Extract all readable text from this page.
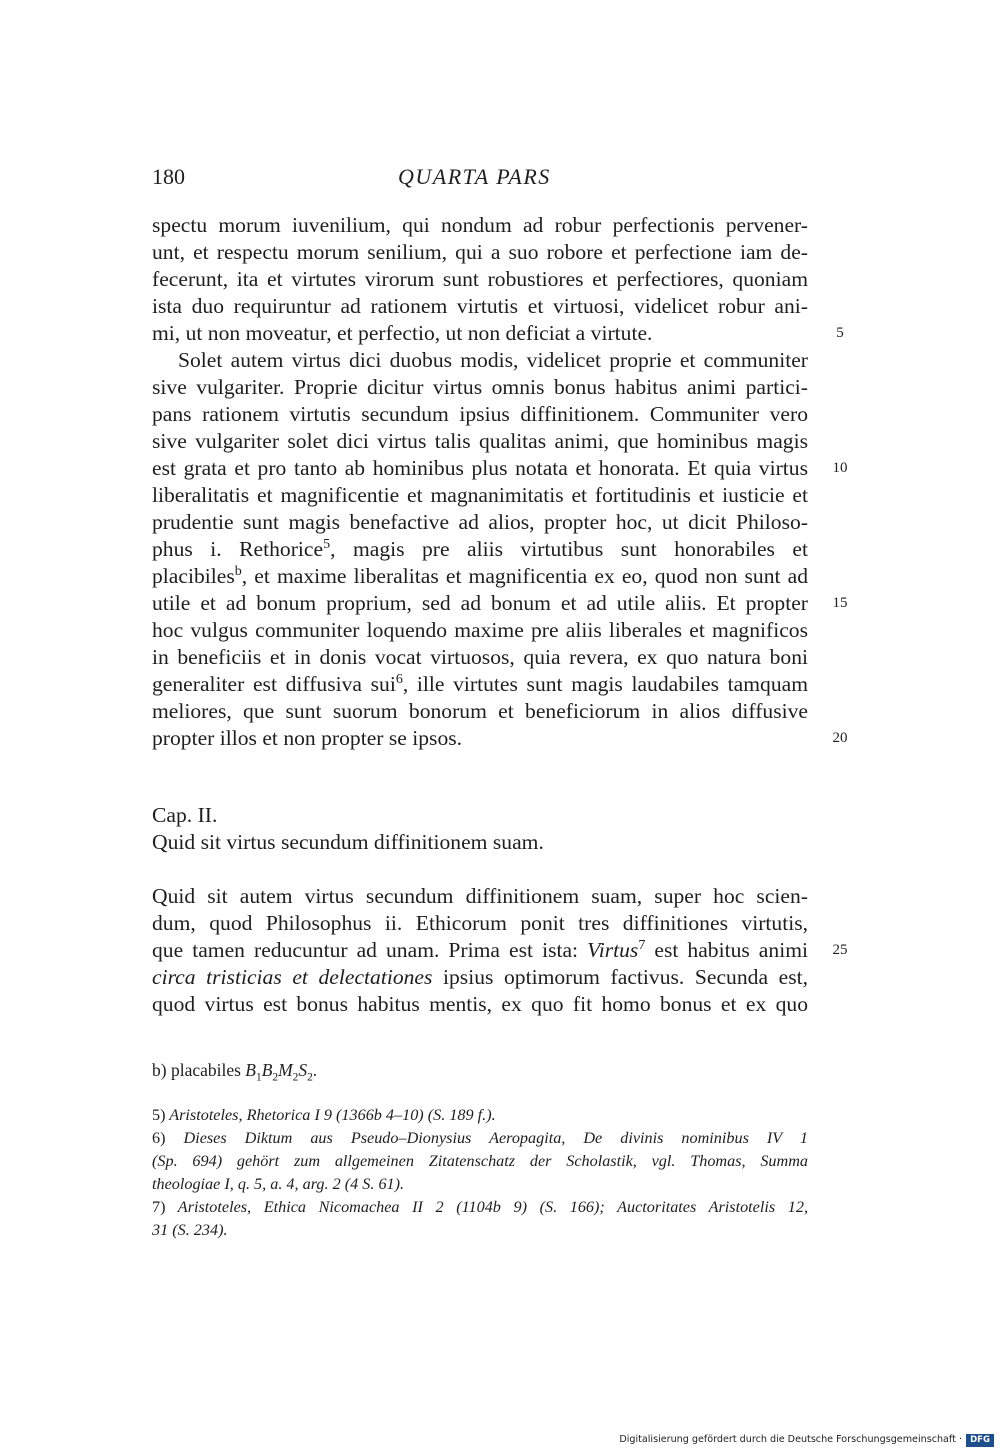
180	QUARTA PARS
spectu morum iuvenilium, qui nondum ad robur perfectionis pervener-
unt, et respectu morum senilium, qui a suo robore et perfectione iam de-
fecerunt, ita et virtutes virorum sunt robustiores et perfectiores, quoniam
ista duo requiruntur ad rationem virtutis et virtuosi, videlicet robur ani-
mi, ut non moveatur, et perfectio, ut non deficiat a virtute.
Solet autem virtus dici duobus modis, videlicet proprie et communiter
sive vulgariter. Proprie dicitur virtus omnis bonus habitus animi partici-
pans rationem virtutis secundum ipsius diffinitionem. Communiter vero
sive vulgariter solet dici virtus talis qualitas animi, que hominibus magis
est grata et pro tanto ab hominibus plus notata et honorata. Et quia virtus
liberalitatis et magnificentie et magnanimitatis et fortitudinis et iusticie et
prudentie sunt magis benefactive ad alios, propter hoc, ut dicit Philoso-
phus i. Rethorice$^5$, magis pre aliis virtutibus sunt honorabiles et
placibiles$^b$, et maxime liberalitas et magnificentia ex eo, quod non sunt ad
utile et ad bonum proprium, sed ad bonum et ad utile aliis. Et propter
hoc vulgus communiter loquendo maxime pre aliis liberales et magnificos
in beneficiis et in donis vocat virtuosos, quia revera, ex quo natura boni
generaliter est diffusiva sui$^6$, ille virtutes sunt magis laudabiles tamquam
meliores, que sunt suorum bonorum et beneficiorum in alios diffusive
propter illos et non propter se ipsos.
5
10
15
20
25
Cap. II.
Quid sit virtus secundum diffinitionem suam.
Quid sit autem virtus secundum diffinitionem suam, super hoc scien-
dum, quod Philosophus ii. Ethicorum ponit tres diffinitiones virtutis,
que tamen reducuntur ad unam. Prima est ista: Virtus$^7$ est habitus animi
circa tristicias et delectationes ipsius optimorum factivus. Secunda est,
quod virtus est bonus habitus mentis, ex quo fit homo bonus et ex quo
b) placabiles $B_1B_2M_2S_2$.
5) Aristoteles, Rhetorica I 9 (1366b 4–10) (S. 189 f.).
6) Dieses Diktum aus Pseudo–Dionysius Aeropagita, De divinis nominibus IV 1
(Sp. 694) gehört zum allgemeinen Zitatenschatz der Scholastik, vgl. Thomas, Summa
theologiae I, q. 5, a. 4, arg. 2 (4 S. 61).
7) Aristoteles, Ethica Nicomachea II 2 (1104b 9) (S. 166); Auctoritates Aristotelis 12,
31 (S. 234).
Digitalisierung gefördert durch die Deutsche Forschungsgemeinschaft · DFG
